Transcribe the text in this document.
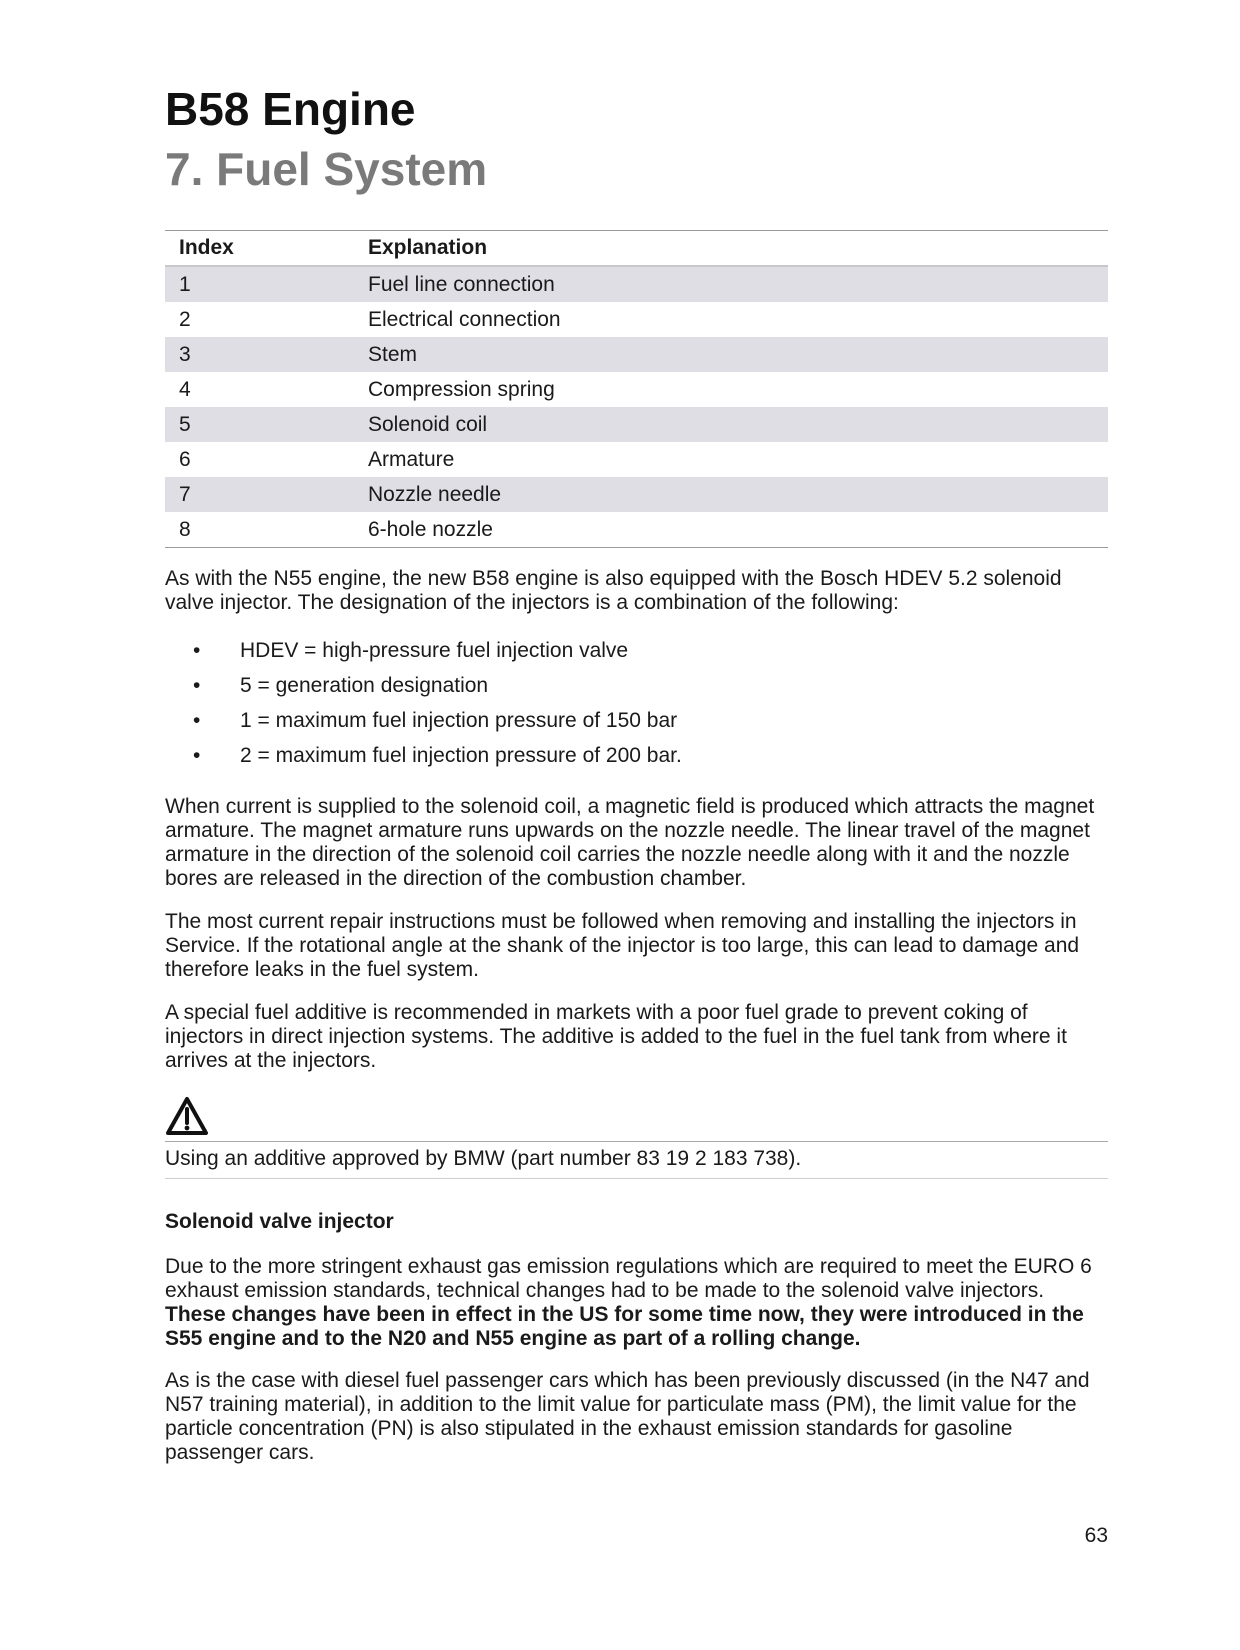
B58 Engine
7. Fuel System
Index	Explanation
1	Fuel line connection
2	Electrical connection
3	Stem
4	Compression spring
5	Solenoid coil
6	Armature
7	Nozzle needle
8	6-hole nozzle

As with the N55 engine, the new B58 engine is also equipped with the Bosch HDEV 5.2 solenoid valve injector. The designation of the injectors is a combination of the following:

• HDEV = high-pressure fuel injection valve
• 5 = generation designation
• 1 = maximum fuel injection pressure of 150 bar
• 2 = maximum fuel injection pressure of 200 bar.

When current is supplied to the solenoid coil, a magnetic field is produced which attracts the magnet armature. The magnet armature runs upwards on the nozzle needle. The linear travel of the magnet armature in the direction of the solenoid coil carries the nozzle needle along with it and the nozzle bores are released in the direction of the combustion chamber.

The most current repair instructions must be followed when removing and installing the injectors in Service. If the rotational angle at the shank of the injector is too large, this can lead to damage and therefore leaks in the fuel system.

A special fuel additive is recommended in markets with a poor fuel grade to prevent coking of injectors in direct injection systems. The additive is added to the fuel in the fuel tank from where it arrives at the injectors.

Using an additive approved by BMW (part number 83 19 2 183 738).
Solenoid valve injector

Due to the more stringent exhaust gas emission regulations which are required to meet the EURO 6 exhaust emission standards, technical changes had to be made to the solenoid valve injectors. These changes have been in effect in the US for some time now, they were introduced in the S55 engine and to the N20 and N55 engine as part of a rolling change.

As is the case with diesel fuel passenger cars which has been previously discussed (in the N47 and N57 training material), in addition to the limit value for particulate mass (PM), the limit value for the particle concentration (PN) is also stipulated in the exhaust emission standards for gasoline passenger cars.

63
